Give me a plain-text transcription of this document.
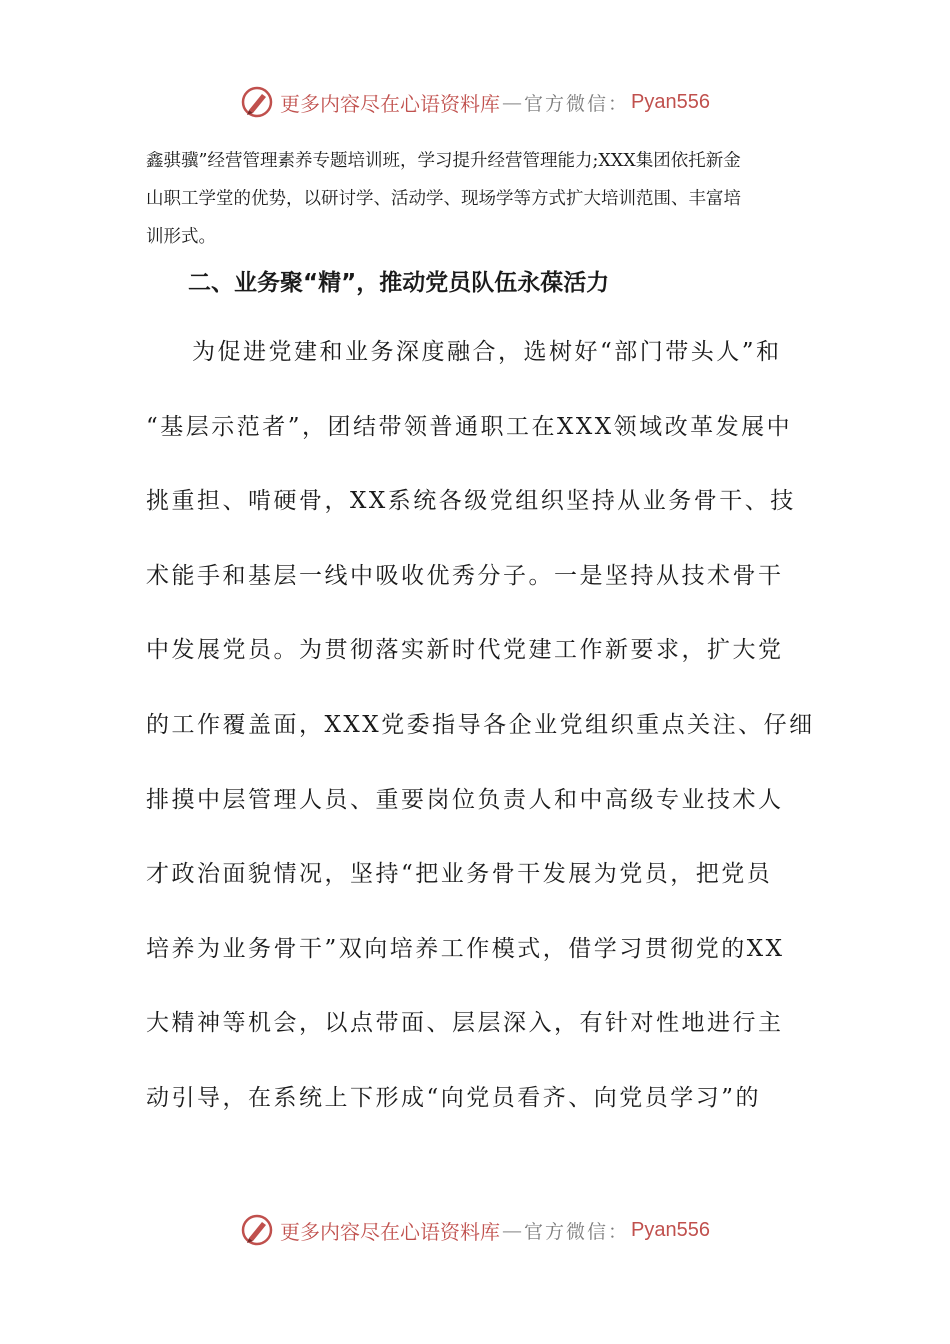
更多内容尽在心语资料库 — 官方微信： Pyan556

鑫骐骥”经营管理素养专题培训班，学习提升经营管理能力;XXX集团依托新金
山职工学堂的优势，以研讨学、活动学、现场学等方式扩大培训范围、丰富培
训形式。

二、业务聚“精”，推动党员队伍永葆活力

为促进党建和业务深度融合，选树好“部门带头人”和
“基层示范者”，团结带领普通职工在XXX领域改革发展中
挑重担、啃硬骨，XX系统各级党组织坚持从业务骨干、技
术能手和基层一线中吸收优秀分子。一是坚持从技术骨干
中发展党员。为贯彻落实新时代党建工作新要求，扩大党
的工作覆盖面，XXX党委指导各企业党组织重点关注、仔细
排摸中层管理人员、重要岗位负责人和中高级专业技术人
才政治面貌情况，坚持“把业务骨干发展为党员，把党员
培养为业务骨干”双向培养工作模式，借学习贯彻党的XX
大精神等机会，以点带面、层层深入，有针对性地进行主
动引导，在系统上下形成“向党员看齐、向党员学习”的

更多内容尽在心语资料库 — 官方微信： Pyan556
